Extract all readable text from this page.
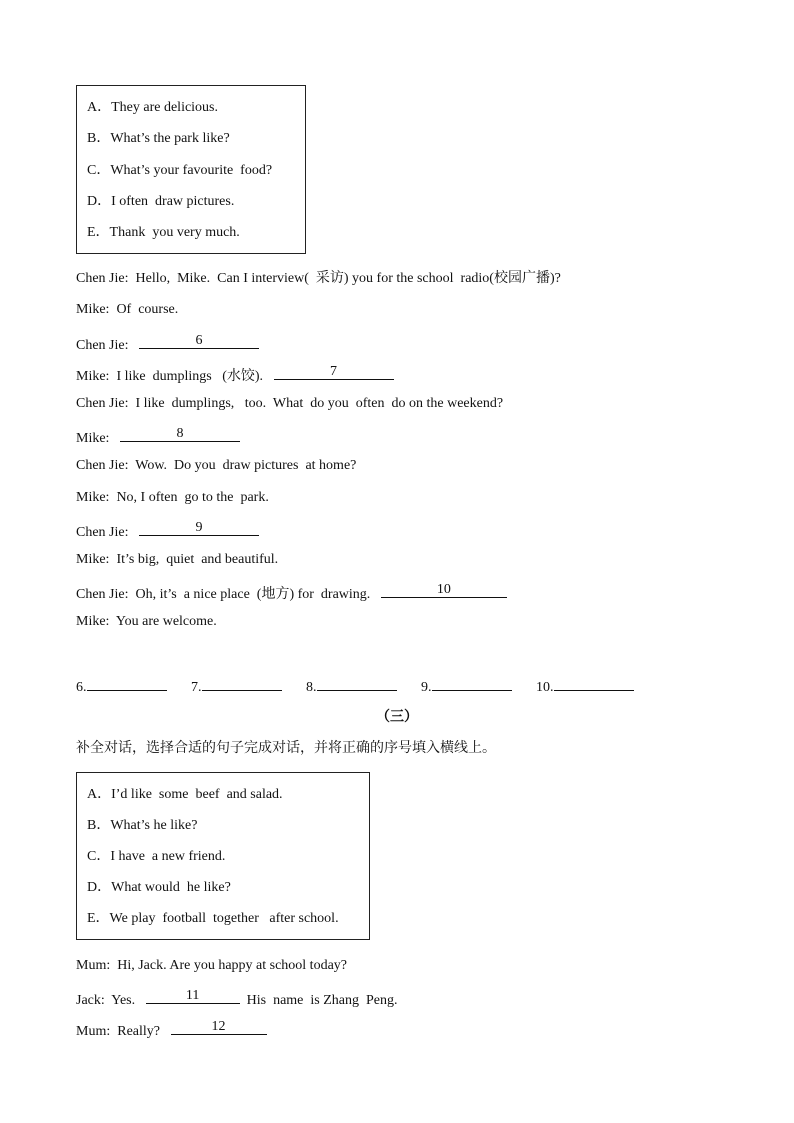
A．They are delicious.
B．What’s the park like?
C．What’s your favourite  food?
D．I often  draw pictures.
E．Thank  you very much.
Chen Jie:  Hello,  Mike.  Can I interview(  采访) you for the school  radio(校园广播)?
Mike:  Of  course.
Chen Jie:	6
Mike:  I like  dumplings   (水饺).	7
Chen Jie:  I like  dumplings,   too.  What  do you  often  do on the weekend?
Mike:	8
Chen Jie:  Wow.  Do you  draw pictures  at home?
Mike:  No, I often  go to the  park.
Chen Jie:	9
Mike:  It’s big,  quiet  and beautiful.
Chen Jie:  Oh, it’s  a nice place  (地方) for  drawing.	10
Mike:  You are welcome.
6.	7.	8.	9.	10.
（三）
补全对话，选择合适的句子完成对话，并将正确的序号填入横线上。
A．I’d like  some  beef  and salad.
B．What’s he like?
C．I have  a new friend.
D．What would  he like?
E．We play  football  together   after school.
Mum:  Hi, Jack. Are you happy at school today?
Jack:  Yes.	11	His  name  is Zhang  Peng.
Mum:  Really?	12
